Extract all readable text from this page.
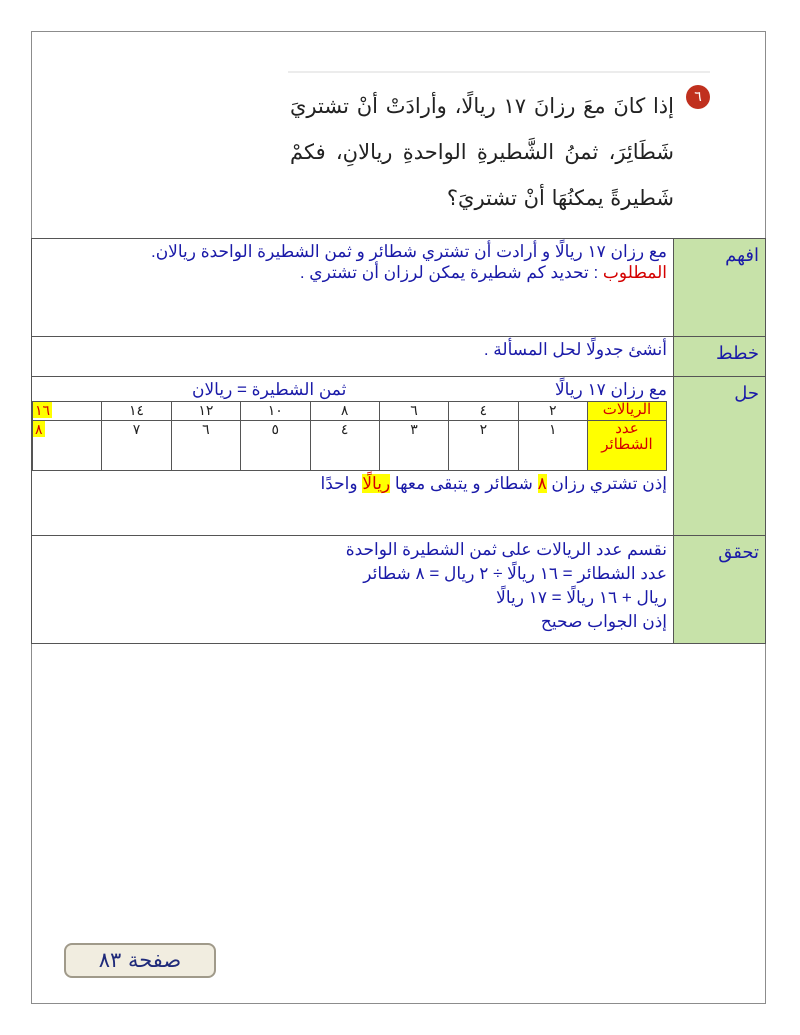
٦
إذا كانَ معَ رزانَ ١٧ ريالًا، وأرادَتْ أنْ تشتريَ شَطَائِرَ، ثمنُ الشَّطيرةِ الواحدةِ ريالانِ، فكمْ شَطيرةً يمكنُهَا أنْ تشتريَ؟
افهم	
مع رزان ١٧ ريالًا و أرادت أن تشتري شطائر و ثمن الشطيرة الواحدة ريالان.
المطلوب : تحديد كم شطيرة يمكن لرزان أن تشتري .

خطط	
أنشئ جدولًا لحل المسألة .

حل	
مع رزان ١٧ ريالًا
ثمن الشطيرة = ريالان
الريالات	٢	٤	٦	٨	١٠	١٢	١٤	١٦
عدد الشطائر	١	٢	٣	٤	٥	٦	٧	٨
إذن تشتري رزان ٨ شطائر و يتبقى معها ريالًا واحدًا

تحقق	
نقسم عدد الريالات على ثمن الشطيرة الواحدة
عدد الشطائر = ١٦ ريالًا ÷ ٢ ريال = ٨ شطائر
ريال + ١٦ ريالًا = ١٧ ريالًا
إذن الجواب صحيح
صفحة ٨٣
